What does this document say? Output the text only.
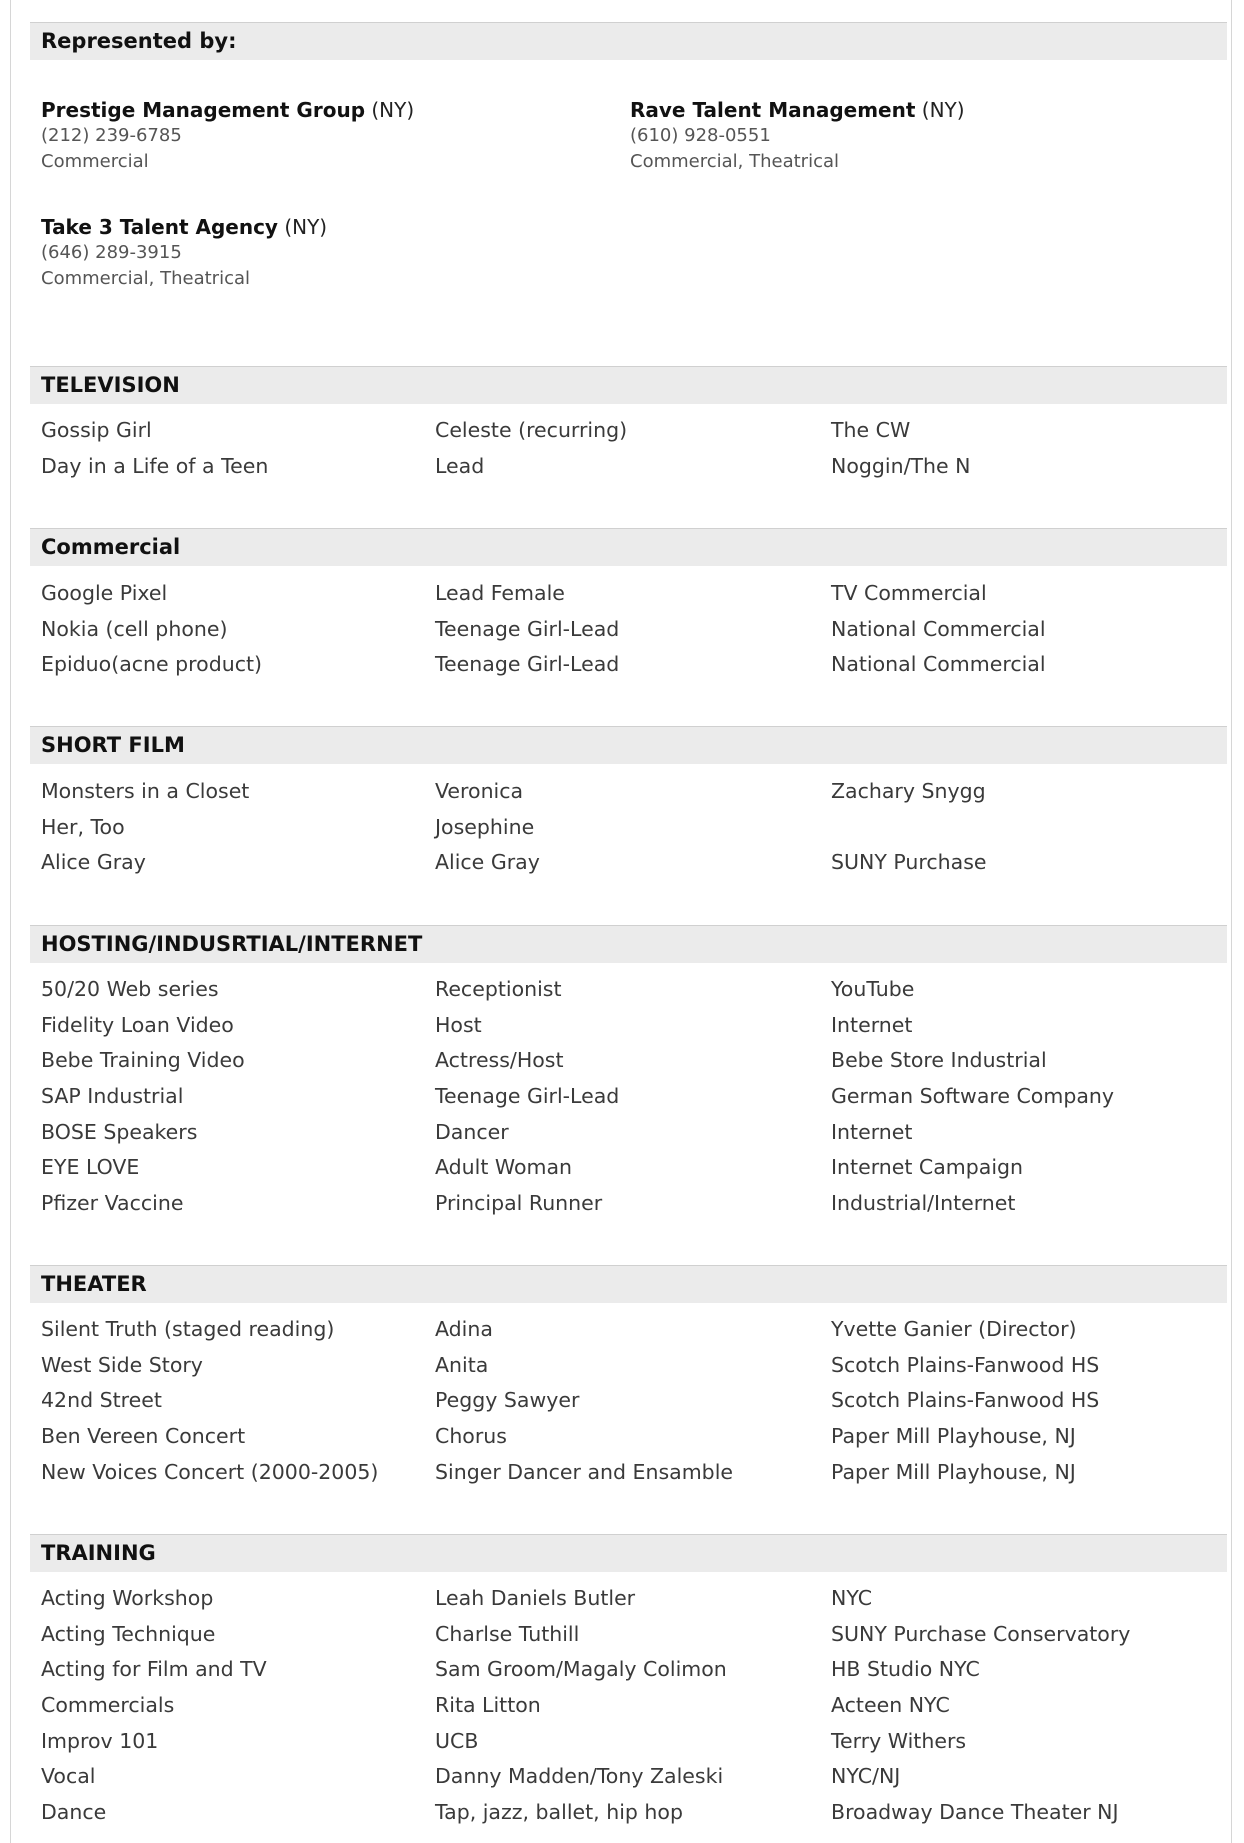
Represented by:
Prestige Management Group (NY)
(212) 239-6785
Commercial
Rave Talent Management (NY)
(610) 928-0551
Commercial, Theatrical
Take 3 Talent Agency (NY)
(646) 289-3915
Commercial, Theatrical
TELEVISION
Gossip Girl	Celeste (recurring)	The CW
Day in a Life of a Teen	Lead	Noggin/The N
Commercial
Google Pixel	Lead Female	TV Commercial
Nokia (cell phone)	Teenage Girl-Lead	National Commercial
Epiduo(acne product)	Teenage Girl-Lead	National Commercial
SHORT FILM
Monsters in a Closet	Veronica	Zachary Snygg
Her, Too	Josephine
Alice Gray	Alice Gray	SUNY Purchase
HOSTING/INDUSRTIAL/INTERNET
50/20 Web series	Receptionist	YouTube
Fidelity Loan Video	Host	Internet
Bebe Training Video	Actress/Host	Bebe Store Industrial
SAP Industrial	Teenage Girl-Lead	German Software Company
BOSE Speakers	Dancer	Internet
EYE LOVE	Adult Woman	Internet Campaign
Pfizer Vaccine	Principal Runner	Industrial/Internet
THEATER
Silent Truth (staged reading)	Adina	Yvette Ganier (Director)
West Side Story	Anita	Scotch Plains-Fanwood HS
42nd Street	Peggy Sawyer	Scotch Plains-Fanwood HS
Ben Vereen Concert	Chorus	Paper Mill Playhouse, NJ
New Voices Concert (2000-2005)	Singer Dancer and Ensamble	Paper Mill Playhouse, NJ
TRAINING
Acting Workshop	Leah Daniels Butler	NYC
Acting Technique	Charlse Tuthill	SUNY Purchase Conservatory
Acting for Film and TV	Sam Groom/Magaly Colimon	HB Studio NYC
Commercials	Rita Litton	Acteen NYC
Improv 101	UCB	Terry Withers
Vocal	Danny Madden/Tony Zaleski	NYC/NJ
Dance	Tap, jazz, ballet, hip hop	Broadway Dance Theater NJ
